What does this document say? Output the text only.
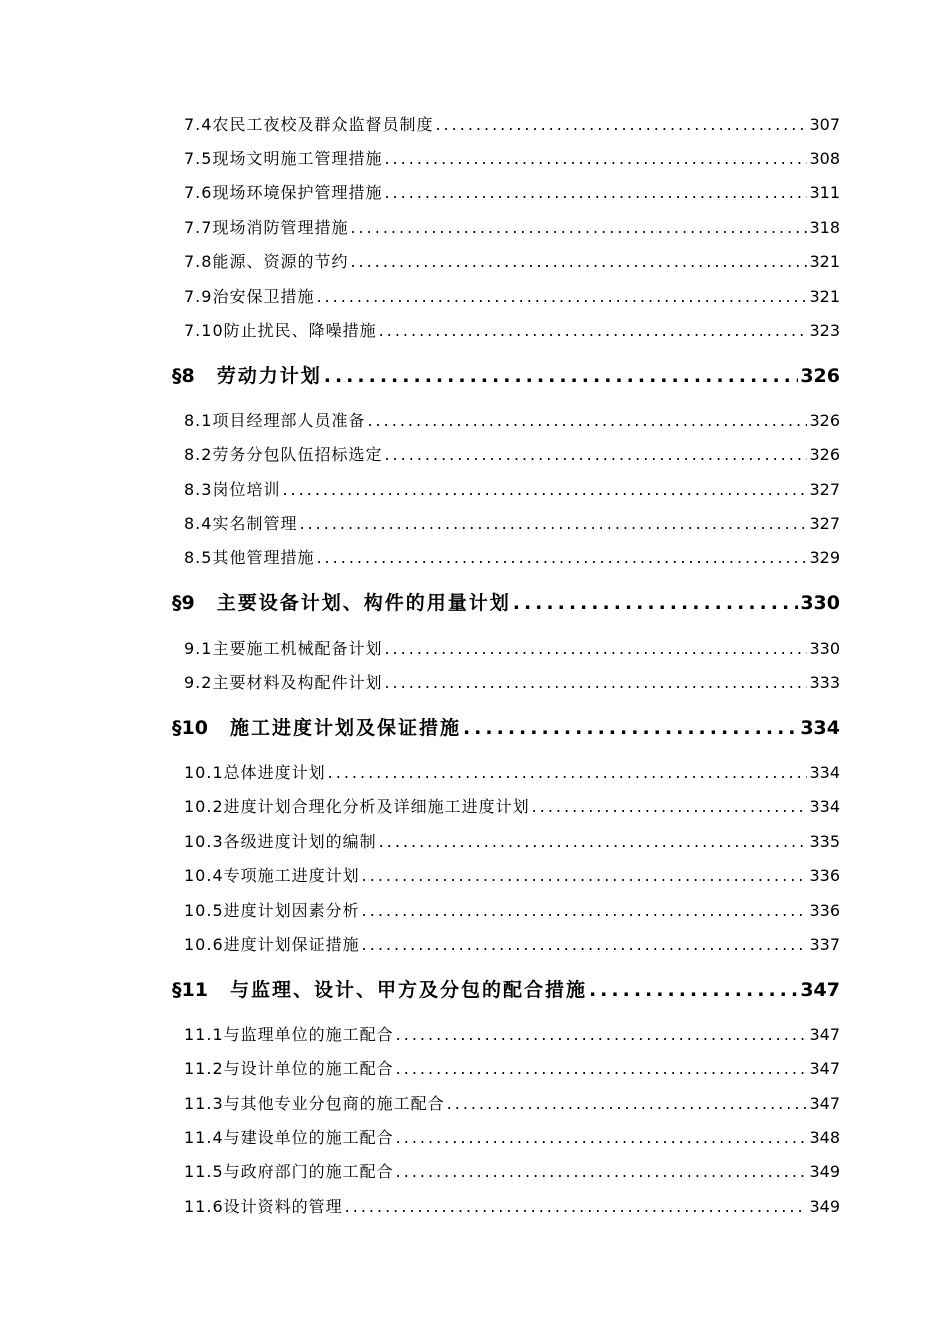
7.4 农民工夜校及群众监督员制度 .....	307
7.5 现场文明施工管理措施 .....	308
7.6 现场环境保护管理措施 .....	311
7.7 现场消防管理措施 .....	318
7.8 能源、资源的节约 .....	321
7.9 治安保卫措施 .....	321
7.10 防止扰民、降噪措施 .....	323
§8 劳动力计划 .....	326
8.1 项目经理部人员准备 .....	326
8.2 劳务分包队伍招标选定 .....	326
8.3 岗位培训 .....	327
8.4 实名制管理 .....	327
8.5 其他管理措施 .....	329
§9 主要设备计划、构件的用量计划 .....	330
9.1 主要施工机械配备计划 .....	330
9.2 主要材料及构配件计划 .....	333
§10 施工进度计划及保证措施 .....	334
10.1 总体进度计划 .....	334
10.2 进度计划合理化分析及详细施工进度计划 .....	334
10.3 各级进度计划的编制 .....	335
10.4 专项施工进度计划 .....	336
10.5 进度计划因素分析 .....	336
10.6 进度计划保证措施 .....	337
§11 与监理、设计、甲方及分包的配合措施 .....	347
11.1 与监理单位的施工配合 .....	347
11.2 与设计单位的施工配合 .....	347
11.3 与其他专业分包商的施工配合 .....	347
11.4 与建设单位的施工配合 .....	348
11.5 与政府部门的施工配合 .....	349
11.6 设计资料的管理 .....	349
